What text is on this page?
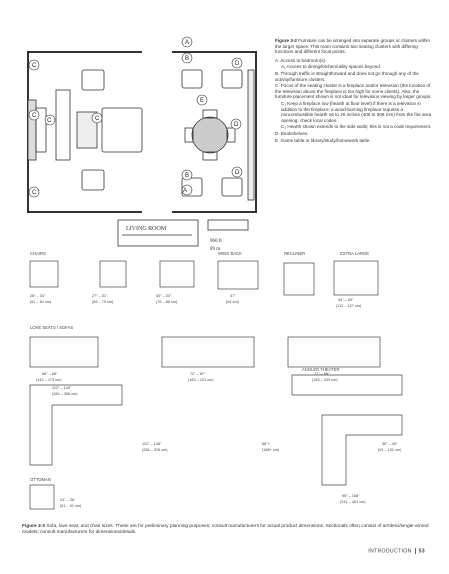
A
B
D
E
D
C
C
C	C
C
B
A
D
LIVING ROOM
960 ft
89 m
Figure 3-2 Furniture can be arranged into separate groups or clusters within the larger space. This room contains two seating clusters with differing functions and different focal points.
A. Access to bedroom(s).
A₁ Access to dining/kitchen/utility spaces beyond.
B. Through traffic is straightforward and does not go through any of the activity/furniture clusters.
C. Focus of the seating cluster is a fireplace and/or television (the location of the television above the fireplace is too high for some clients). Also, the furniture placement shown is not ideal for television viewing by larger groups.
C₁ Keep a fireplace low (hearth at floor level) if there is a television in addition to the fireplace; a wood-burning fireplace requires a noncombustible hearth 16 to 20 inches (406 to 508 mm) from the fire area opening; check local codes.
C₂ Hearth shown extends to the side walls; this is not a code requirement.
D. Bookshelves.
E. Game table or library/study/homework table.
CHAIRS	WING BACK	RECLINER	EXTRA LARGE
LOVE SEATS / SOFAS
ANGLED THEATER
OTTOMAN
28" – 34"
(61 – 61 cm)
27" – 31"
(69 – 79 cm)
30" – 34"
(76 – 86 cm)
37"
(94 cm)	44" – 50"
(112 – 127 cm)
56" – 68"
(142 – 173 cm)
72" – 87"
(183 – 221 cm)
72" – 98"
(183 – 249 cm)
112" – 140"
(284 – 356 cm)
112" – 148"
(284 – 376 cm)
68"+
(168+ cm)
95" – 158"
(241 – 401 cm)
36" – 40"
(91 – 102 cm)
24" – 36"
(61 – 91 cm)
Figure 3-3 Sofa, love seat, and chair sizes. These are for preliminary planning purposes; consult manufacturers for actual product dimensions. Sectionals often consist of armless/single-armed models; consult manufacturers for dimensions/details.
INTRODUCTION 53
